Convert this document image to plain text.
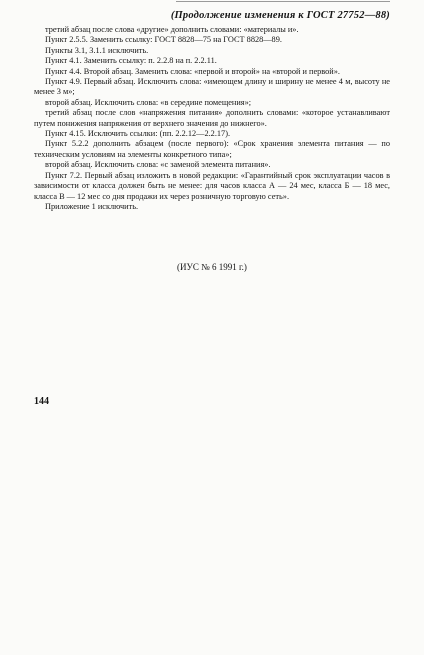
(Продолжение изменения к ГОСТ 27752—88)

третий абзац после слова «другие» дополнить словами: «материалы и».

Пункт 2.5.5. Заменить ссылку: ГОСТ 8828—75 на ГОСТ 8828—89.

Пункты 3.1, 3.1.1 исключить.

Пункт 4.1. Заменить ссылку: п. 2.2.8 на п. 2.2.11.

Пункт 4.4. Второй абзац. Заменить слова: «первой и второй» на «второй и первой».

Пункт 4.9. Первый абзац. Исключить слова: «имеющем длину и ширину не менее 4 м, высоту не менее 3 м»;

второй абзац. Исключить слова: «в середине помещения»;

третий абзац после слов «напряжения питания» дополнить словами: «которое устанавливают путем понижения напряжения от верхнего значения до нижнего».

Пункт 4.15. Исключить ссылки: (пп. 2.2.12—2.2.17).

Пункт 5.2.2 дополнить абзацем (после первого): «Срок хранения элемента питания — по техническим условиям на элементы конкретного типа»;

второй абзац. Исключить слова: «с заменой элемента питания».

Пункт 7.2. Первый абзац изложить в новой редакции: «Гарантийный срок эксплуатации часов в зависимости от класса должен быть не менее: для часов класса А — 24 мес, класса Б — 18 мес, класса В — 12 мес со дня продажи их через розничную торговую сеть».

Приложение 1 исключить.

(ИУС № 6 1991 г.)
144
